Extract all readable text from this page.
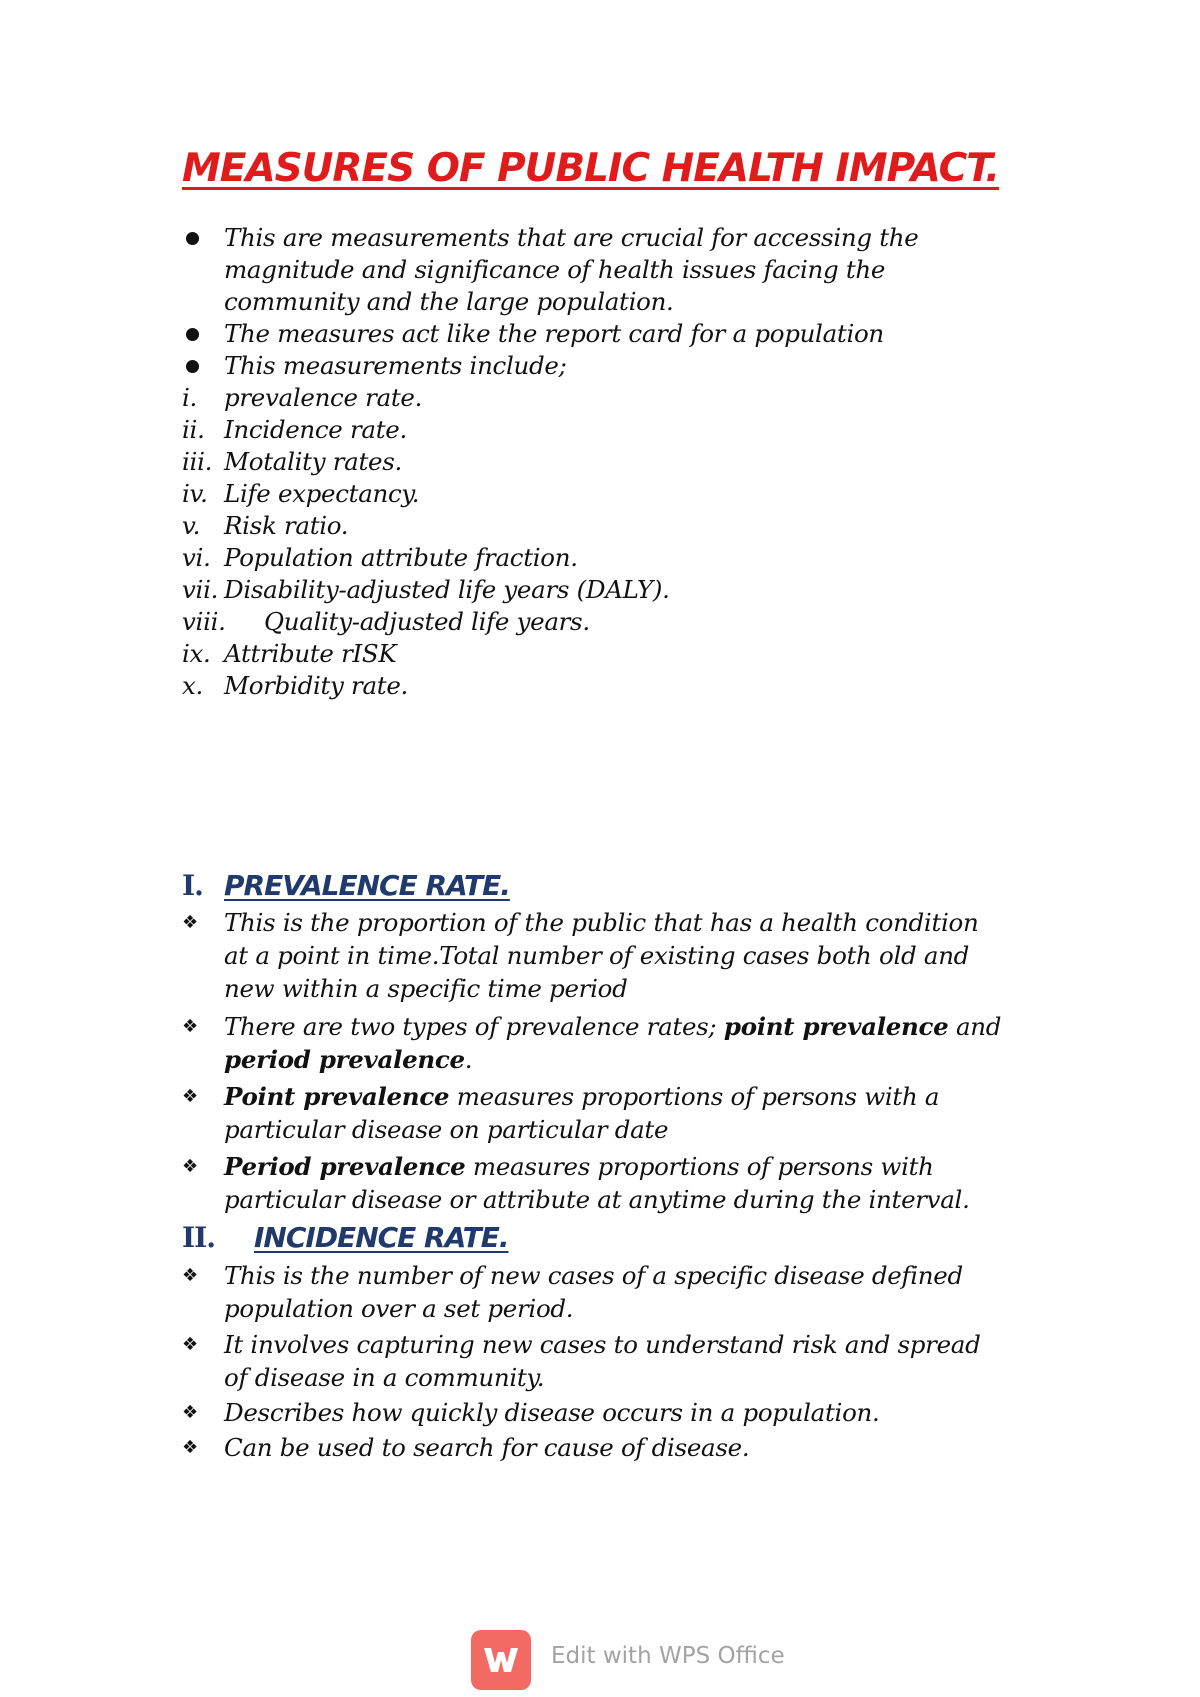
MEASURES OF PUBLIC HEALTH IMPACT.
This are measurements that are crucial for accessing the
magnitude and significance of health issues facing the
community and the large population.
The measures act like the report card for a population
This measurements include;
i. prevalence rate.
ii. Incidence rate.
iii. Motality rates.
iv. Life expectancy.
v. Risk ratio.
vi. Population attribute fraction.
vii. Disability-adjusted life years (DALY).
viii. Quality-adjusted life years.
ix. Attribute rISK
x. Morbidity rate.
I. PREVALENCE RATE.
❖ This is the proportion of the public that has a health condition
at a point in time.Total number of existing cases both old and
new within a specific time period
❖ There are two types of prevalence rates; point prevalence and
period prevalence.
❖ Point prevalence measures proportions of persons with a
particular disease on particular date
❖ Period prevalence measures proportions of persons with
particular disease or attribute at anytime during the interval.
II. INCIDENCE RATE.
❖ This is the number of new cases of a specific disease defined
population over a set period.
❖ It involves capturing new cases to understand risk and spread
of disease in a community.
❖ Describes how quickly disease occurs in a population.
❖ Can be used to search for cause of disease.
Edit with WPS Office
